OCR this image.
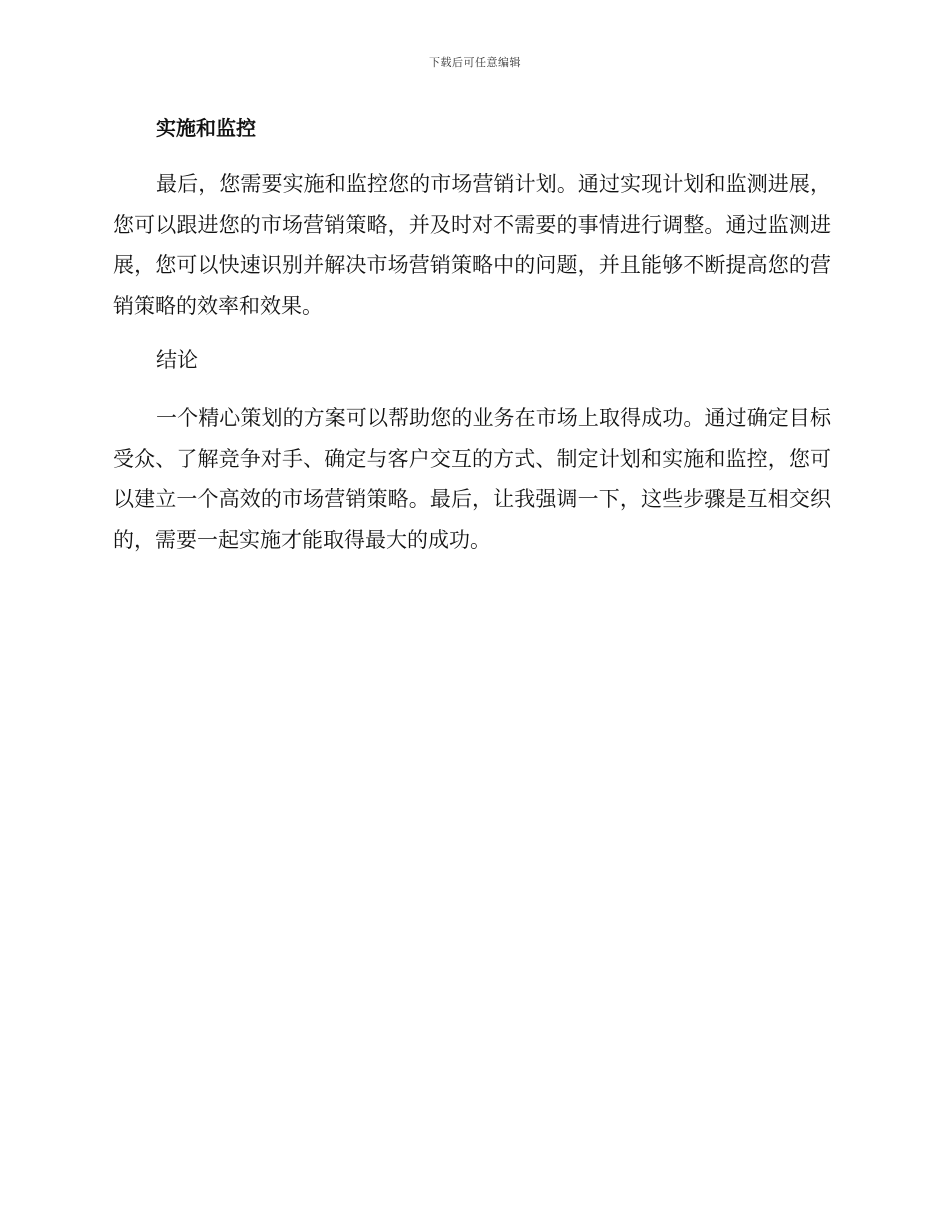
下载后可任意编辑
实施和监控

最后，您需要实施和监控您的市场营销计划。通过实现计划和监测进展，您可以跟进您的市场营销策略，并及时对不需要的事情进行调整。通过监测进展，您可以快速识别并解决市场营销策略中的问题，并且能够不断提高您的营销策略的效率和效果。

结论

一个精心策划的方案可以帮助您的业务在市场上取得成功。通过确定目标受众、了解竞争对手、确定与客户交互的方式、制定计划和实施和监控，您可以建立一个高效的市场营销策略。最后，让我强调一下，这些步骤是互相交织的，需要一起实施才能取得最大的成功。
